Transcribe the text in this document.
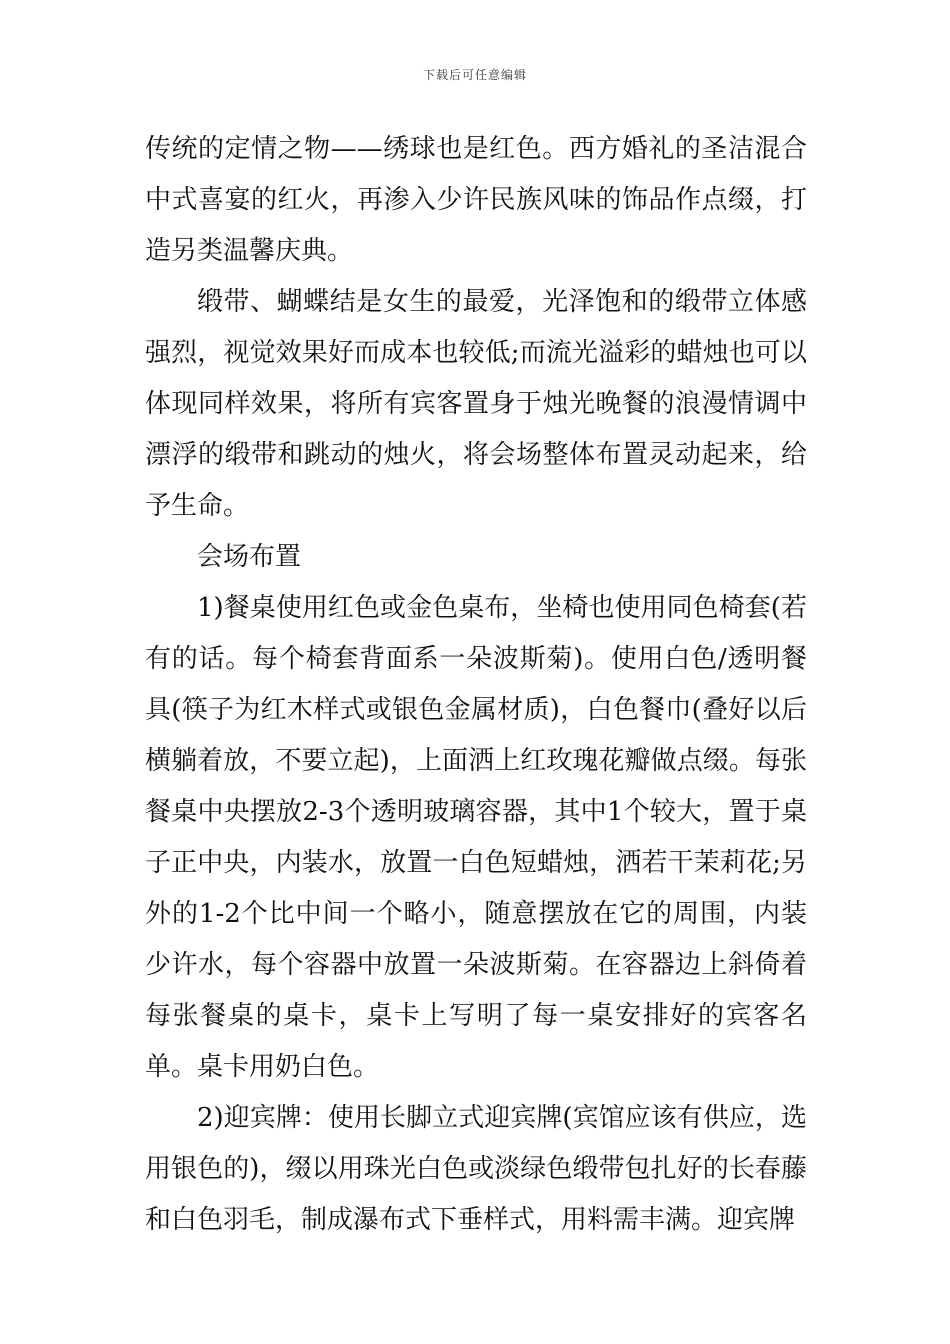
下载后可任意编辑

传统的定情之物——绣球也是红色。西方婚礼的圣洁混合中式喜宴的红火，再渗入少许民族风味的饰品作点缀，打造另类温馨庆典。

缎带、蝴蝶结是女生的最爱，光泽饱和的缎带立体感强烈，视觉效果好而成本也较低;而流光溢彩的蜡烛也可以体现同样效果，将所有宾客置身于烛光晚餐的浪漫情调中漂浮的缎带和跳动的烛火，将会场整体布置灵动起来，给予生命。

会场布置

1)餐桌使用红色或金色桌布，坐椅也使用同色椅套(若有的话。每个椅套背面系一朵波斯菊)。使用白色/透明餐具(筷子为红木样式或银色金属材质)，白色餐巾(叠好以后横躺着放，不要立起)，上面洒上红玫瑰花瓣做点缀。每张餐桌中央摆放2-3个透明玻璃容器，其中1个较大，置于桌子正中央，内装水，放置一白色短蜡烛，洒若干茉莉花;另外的1-2个比中间一个略小，随意摆放在它的周围，内装少许水，每个容器中放置一朵波斯菊。在容器边上斜倚着每张餐桌的桌卡，桌卡上写明了每一桌安排好的宾客名单。桌卡用奶白色。

2)迎宾牌：使用长脚立式迎宾牌(宾馆应该有供应，选用银色的)，缀以用珠光白色或淡绿色缎带包扎好的长春藤和白色羽毛，制成瀑布式下垂样式，用料需丰满。迎宾牌
